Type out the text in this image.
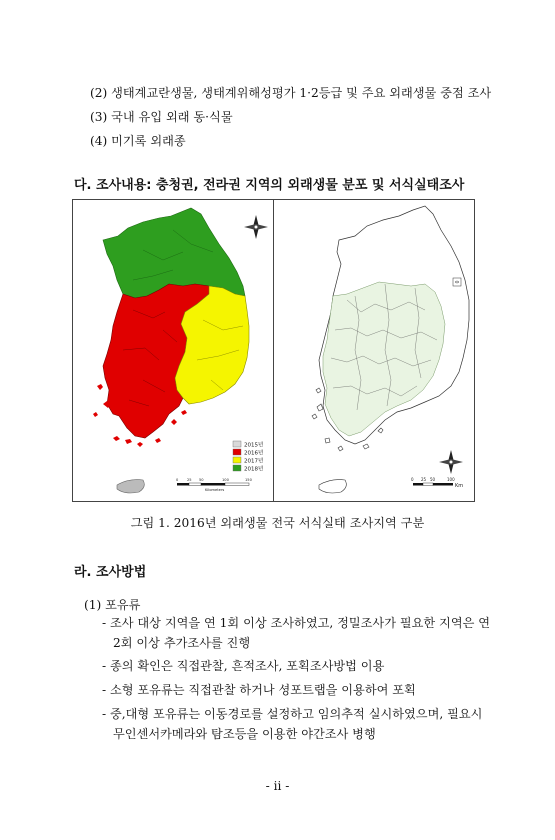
(2) 생태계교란생물, 생태계위해성평가 1·2등급 및 주요 외래생물 중점 조사
(3) 국내 유입 외래 동·식물
(4) 미기록 외래종
다. 조사내용: 충청권, 전라권 지역의 외래생물 분포 및 서식실태조사
2015년
2016년
2017년
2018년
0 25 50	100	150
Kilometers
0 25 50	100
Km
그림 1. 2016년 외래생물 전국 서식실태 조사지역 구분
라. 조사방법
(1) 포유류
- 조사 대상 지역을 연 1회 이상 조사하였고, 정밀조사가 필요한 지역은 연
2회 이상 추가조사를 진행
- 종의 확인은 직접관찰, 흔적조사, 포획조사방법 이용
- 소형 포유류는 직접관찰 하거나 셩포트랩을 이용하여 포획
- 중,대형 포유류는 이동경로를 설정하고 임의추적 실시하였으며, 필요시
무인센서카메라와 탐조등을 이용한 야간조사 병행
- ii -
